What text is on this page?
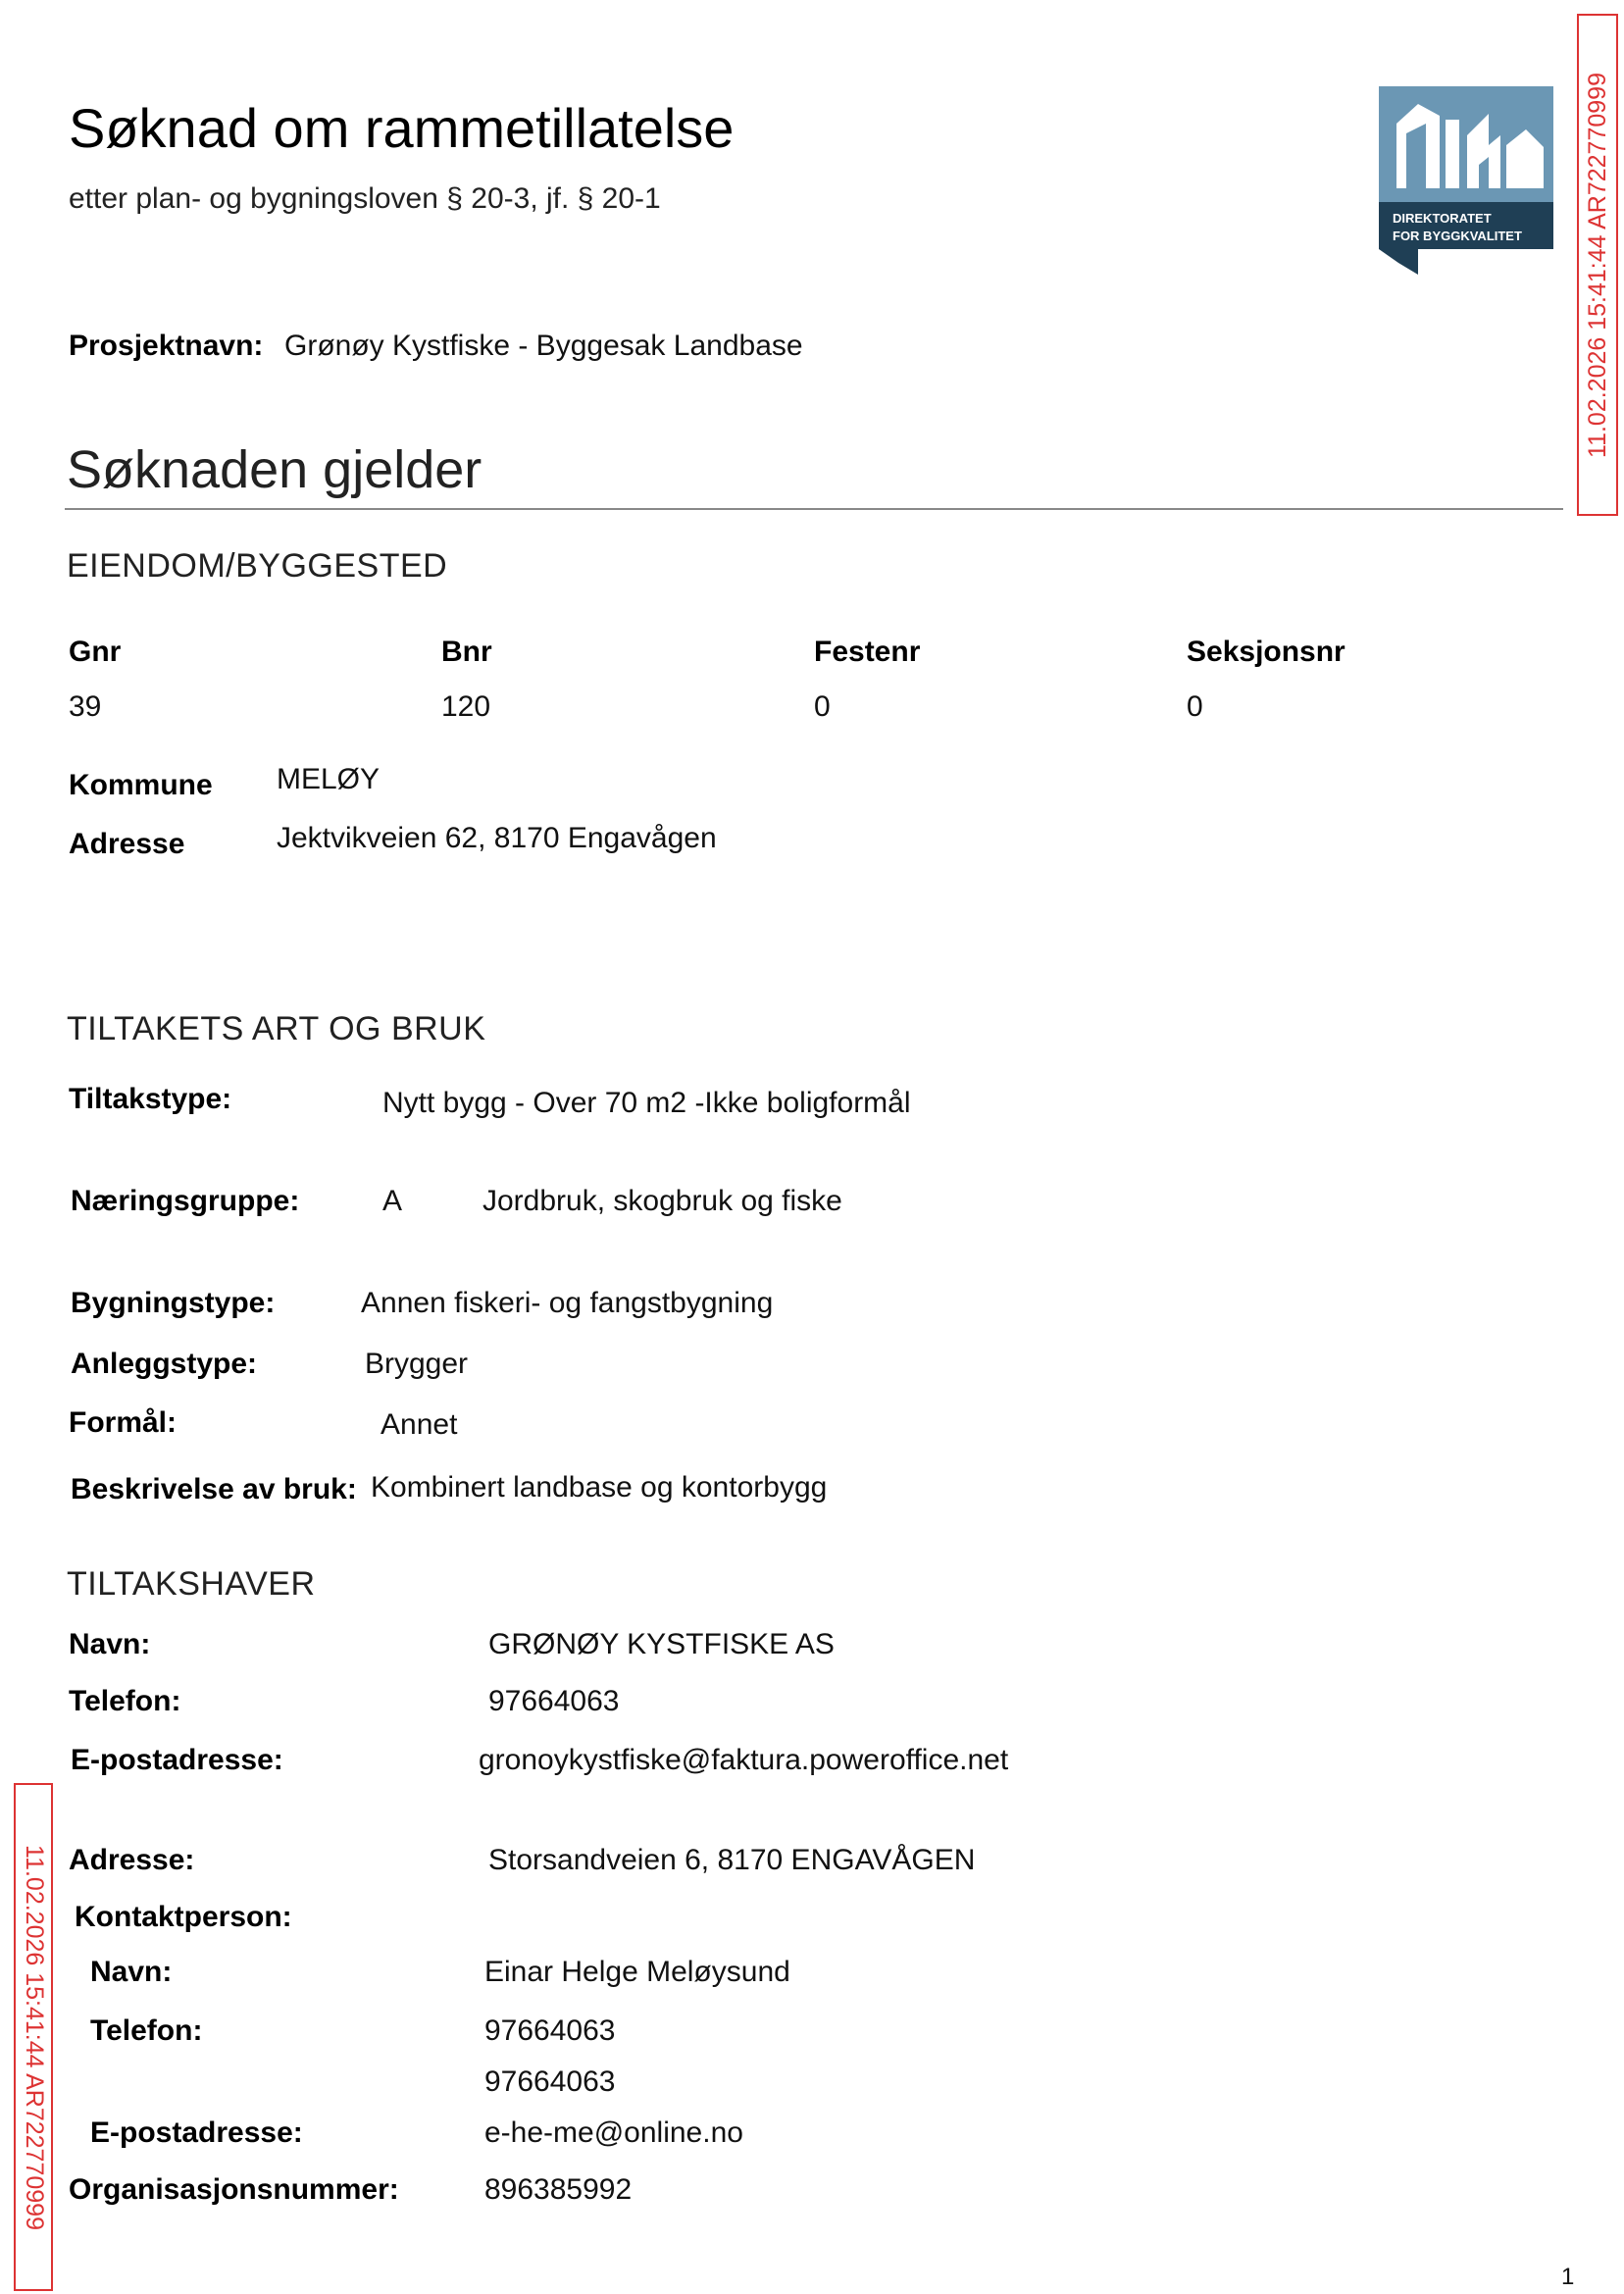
Søknad om rammetillatelse
etter plan- og bygningsloven § 20-3, jf. § 20-1
DIREKTORATET
FOR BYGGKVALITET
Prosjektnavn: Grønøy Kystfiske - Byggesak Landbase
Søknaden gjelder
EIENDOM/BYGGESTED
Gnr	Bnr	Festenr	Seksjonsnr
39	120	0	0
Kommune MELØY
Adresse	Jektvikveien 62, 8170 Engavågen
TILTAKETS ART OG BRUK
Tiltakstype:	Nytt bygg - Over 70 m2 -Ikke boligformål
Næringsgruppe:	A	Jordbruk, skogbruk og fiske
Bygningstype:	Annen fiskeri- og fangstbygning
Anleggstype:	Brygger
Formål:	Annet
Beskrivelse av bruk: Kombinert landbase og kontorbygg
TILTAKSHAVER
Navn:	GRØNØY KYSTFISKE AS
Telefon:	97664063
E-postadresse:	gronoykystfiske@faktura.poweroffice.net
Adresse:	Storsandveien 6, 8170 ENGAVÅGEN
Kontaktperson:
Navn:	Einar Helge Meløysund
Telefon:	97664063
97664063
E-postadresse:	e-he-me@online.no
Organisasjonsnummer:	896385992
11.02.2026 15:41:44 AR722770999
11.02.2026 15:41:44 AR722770999
1
